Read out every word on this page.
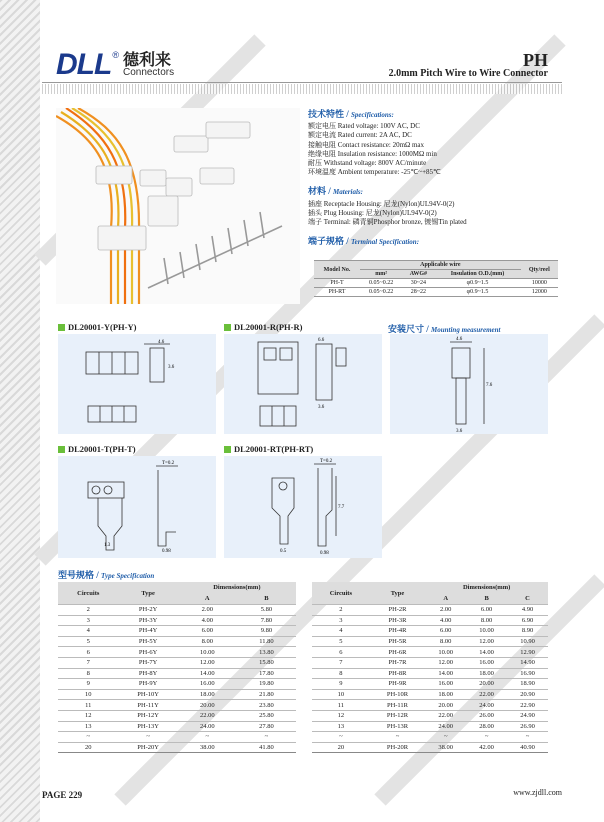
DLL ® 德利来
Connectors
PH
2.0mm Pitch Wire to Wire Connector
技术特性 / Specifications:

额定电压 Rated voltage: 100V AC, DC

额定电流 Rated current: 2A AC, DC

接触电阻 Contact resistance: 20mΩ max

绝缘电阻 Insulation resistance: 1000MΩ min

耐压 Withstand voltage: 800V AC/minute

环境温度 Ambient temperature: -25℃~+85℃

材料 / Materials:

插座 Receptacle Housing: 尼龙(Nylon)UL94V-0(2)

插头 Plug Housing: 尼龙(Nylon)UL94V-0(2)

端子 Terminal: 磷青铜Phosphor bronze, 镀锡Tin plated

端子规格 / Terminal Specification:
Model No.	Applicable wire			Qty/reel
	mm²	AWG#	Insulation O.D.(mm)	
PH-T	0.05~0.22	30~24	φ0.9~1.5	10000
PH-RT	0.05~0.22	28~22	φ0.9~1.5	12000
DL20001-Y(PH-Y)	DL20001-R(PH-R)	安装尺寸 / Mounting measurement
DL20001-T(PH-T)	DL20001-RT(PH-RT)
4.6
3.6
6.6
3.6
4.6
7.6
3.6
T=0.2
1.3
0.98
T=0.2
7.7
0.5	0.98
型号规格 / Type Specification
Circuits	Type	Dimensions(mm)	
		A	B
2	PH-2Y	2.00	5.80
3	PH-3Y	4.00	7.80
4	PH-4Y	6.00	9.80
5	PH-5Y	8.00	11.80
6	PH-6Y	10.00	13.80
7	PH-7Y	12.00	15.80
8	PH-8Y	14.00	17.80
9	PH-9Y	16.00	19.80
10	PH-10Y	18.00	21.80
11	PH-11Y	20.00	23.80
12	PH-12Y	22.00	25.80
13	PH-13Y	24.00	27.80
~	~	~	~
20	PH-20Y	38.00	41.80
Circuits	Type	Dimensions(mm)		
		A	B	C
2	PH-2R	2.00	6.00	4.90
3	PH-3R	4.00	8.00	6.90
4	PH-4R	6.00	10.00	8.90
5	PH-5R	8.00	12.00	10.90
6	PH-6R	10.00	14.00	12.90
7	PH-7R	12.00	16.00	14.90
8	PH-8R	14.00	18.00	16.90
9	PH-9R	16.00	20.00	18.90
10	PH-10R	18.00	22.00	20.90
11	PH-11R	20.00	24.00	22.90
12	PH-12R	22.00	26.00	24.90
13	PH-13R	24.00	28.00	26.90
~	~	~	~	~
20	PH-20R	38.00	42.00	40.90
PAGE 229	www.zjdll.com
